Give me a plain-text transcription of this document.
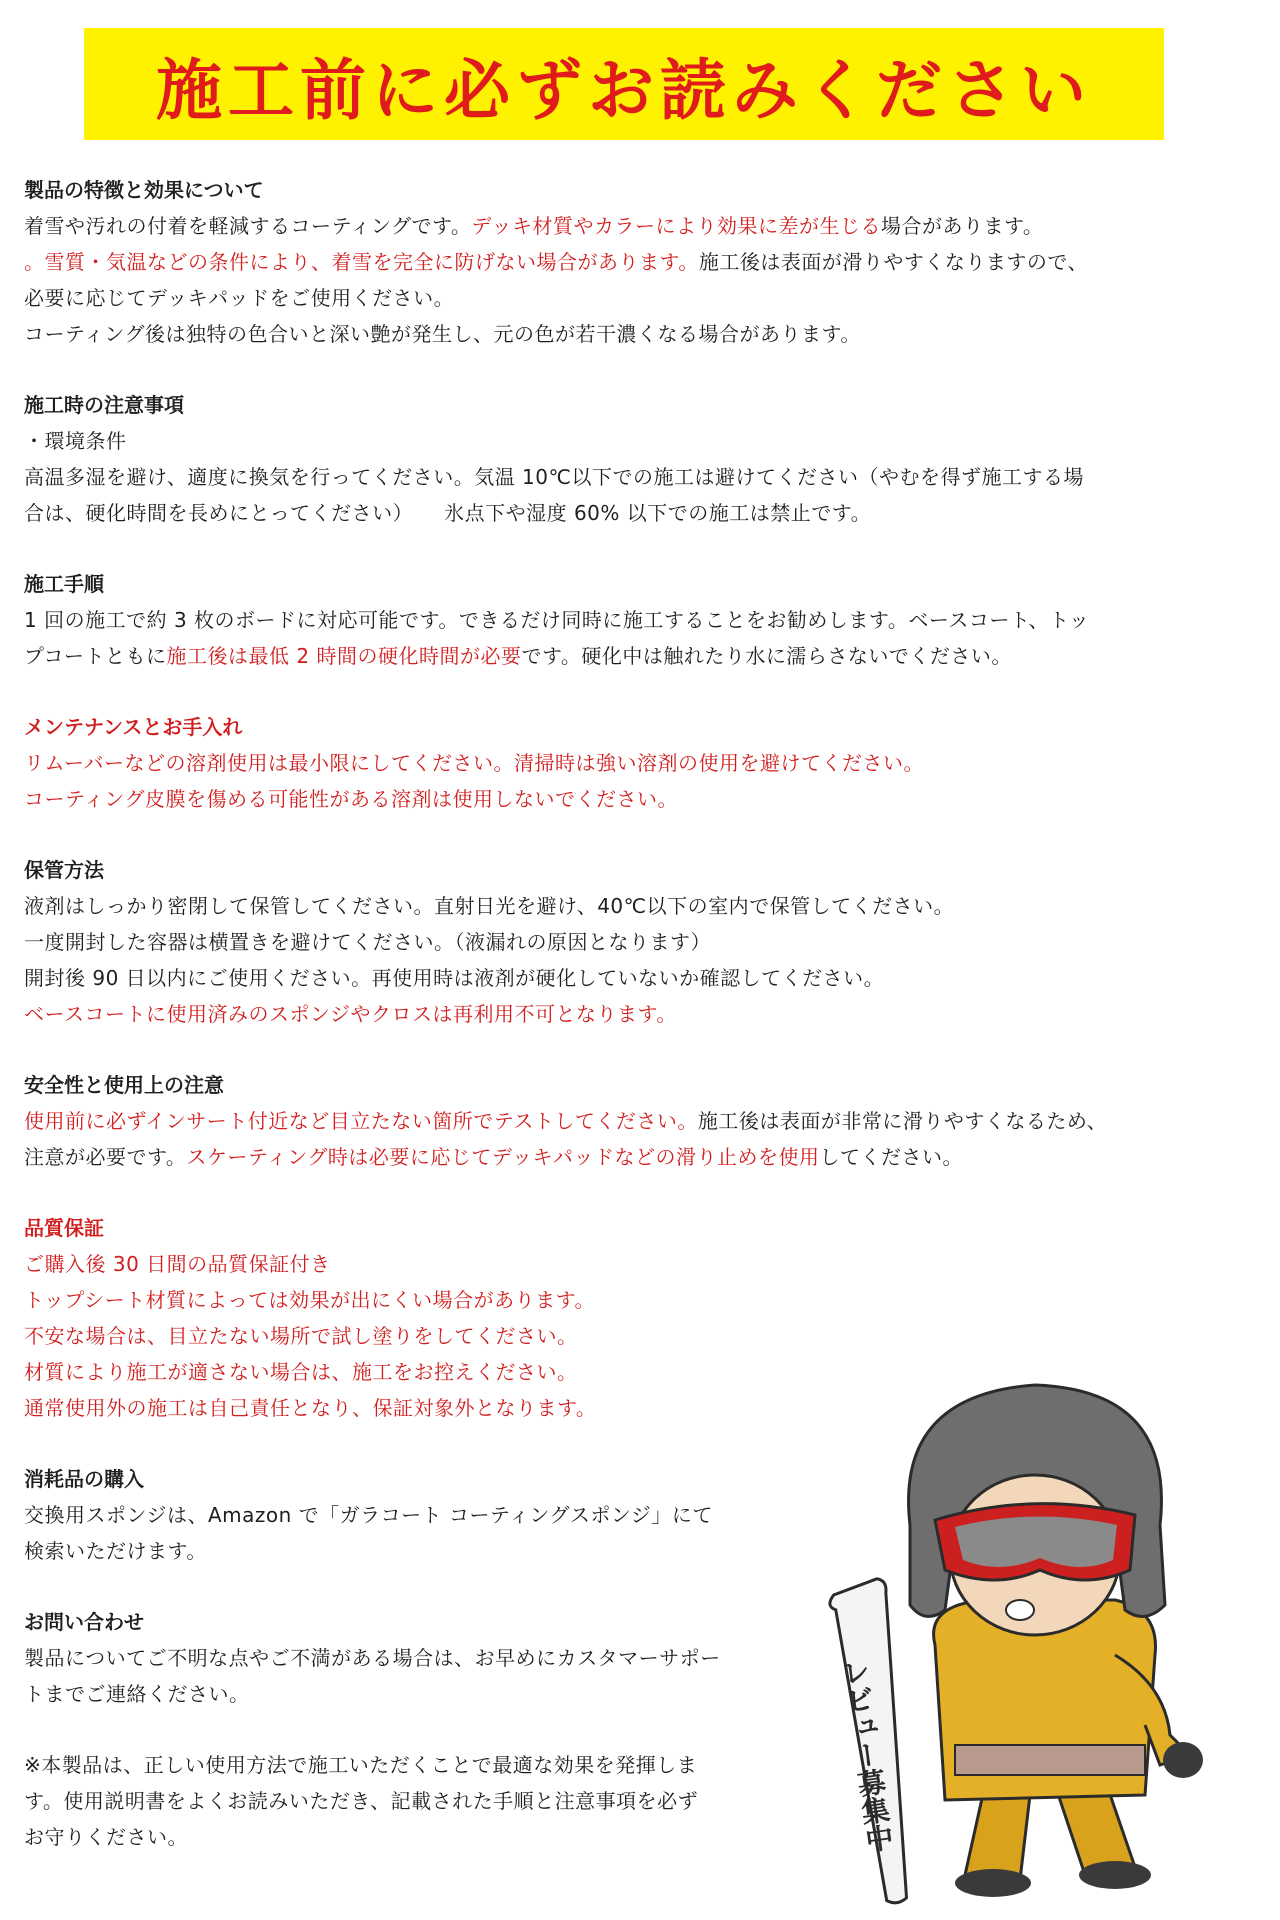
施工前に必ずお読みください

製品の特徴と効果について

着雪や汚れの付着を軽減するコーティングです。デッキ材質やカラーにより効果に差が生じる場合があります。

。雪質・気温などの条件により、着雪を完全に防げない場合があります。施工後は表面が滑りやすくなりますので、

必要に応じてデッキパッドをご使用ください。

コーティング後は独特の色合いと深い艶が発生し、元の色が若干濃くなる場合があります。

施工時の注意事項

・環境条件

高温多湿を避け、適度に換気を行ってください。気温 10℃以下での施工は避けてください（やむを得ず施工する場

合は、硬化時間を長めにとってください）　　氷点下や湿度 60% 以下での施工は禁止です。

施工手順

1 回の施工で約 3 枚のボードに対応可能です。できるだけ同時に施工することをお勧めします。ベースコート、トッ

プコートともに施工後は最低 2 時間の硬化時間が必要です。硬化中は触れたり水に濡らさないでください。

メンテナンスとお手入れ

リムーバーなどの溶剤使用は最小限にしてください。清掃時は強い溶剤の使用を避けてください。

コーティング皮膜を傷める可能性がある溶剤は使用しないでください。

保管方法

液剤はしっかり密閉して保管してください。直射日光を避け、40℃以下の室内で保管してください。

一度開封した容器は横置きを避けてください。（液漏れの原因となります）

開封後 90 日以内にご使用ください。再使用時は液剤が硬化していないか確認してください。

ベースコートに使用済みのスポンジやクロスは再利用不可となります。

安全性と使用上の注意

使用前に必ずインサート付近など目立たない箇所でテストしてください。施工後は表面が非常に滑りやすくなるため、

注意が必要です。スケーティング時は必要に応じてデッキパッドなどの滑り止めを使用してください。

品質保証

ご購入後 30 日間の品質保証付き

トップシート材質によっては効果が出にくい場合があります。

不安な場合は、目立たない場所で試し塗りをしてください。

材質により施工が適さない場合は、施工をお控えください。

通常使用外の施工は自己責任となり、保証対象外となります。

消耗品の購入

交換用スポンジは、Amazon で「ガラコート コーティングスポンジ」にて

検索いただけます。

お問い合わせ

製品についてご不明な点やご不満がある場合は、お早めにカスタマーサポー

トまでご連絡ください。

※本製品は、正しい使用方法で施工いただくことで最適な効果を発揮しま

す。使用説明書をよくお読みいただき、記載された手順と注意事項を必ず

お守りください。	レビュー募集中
